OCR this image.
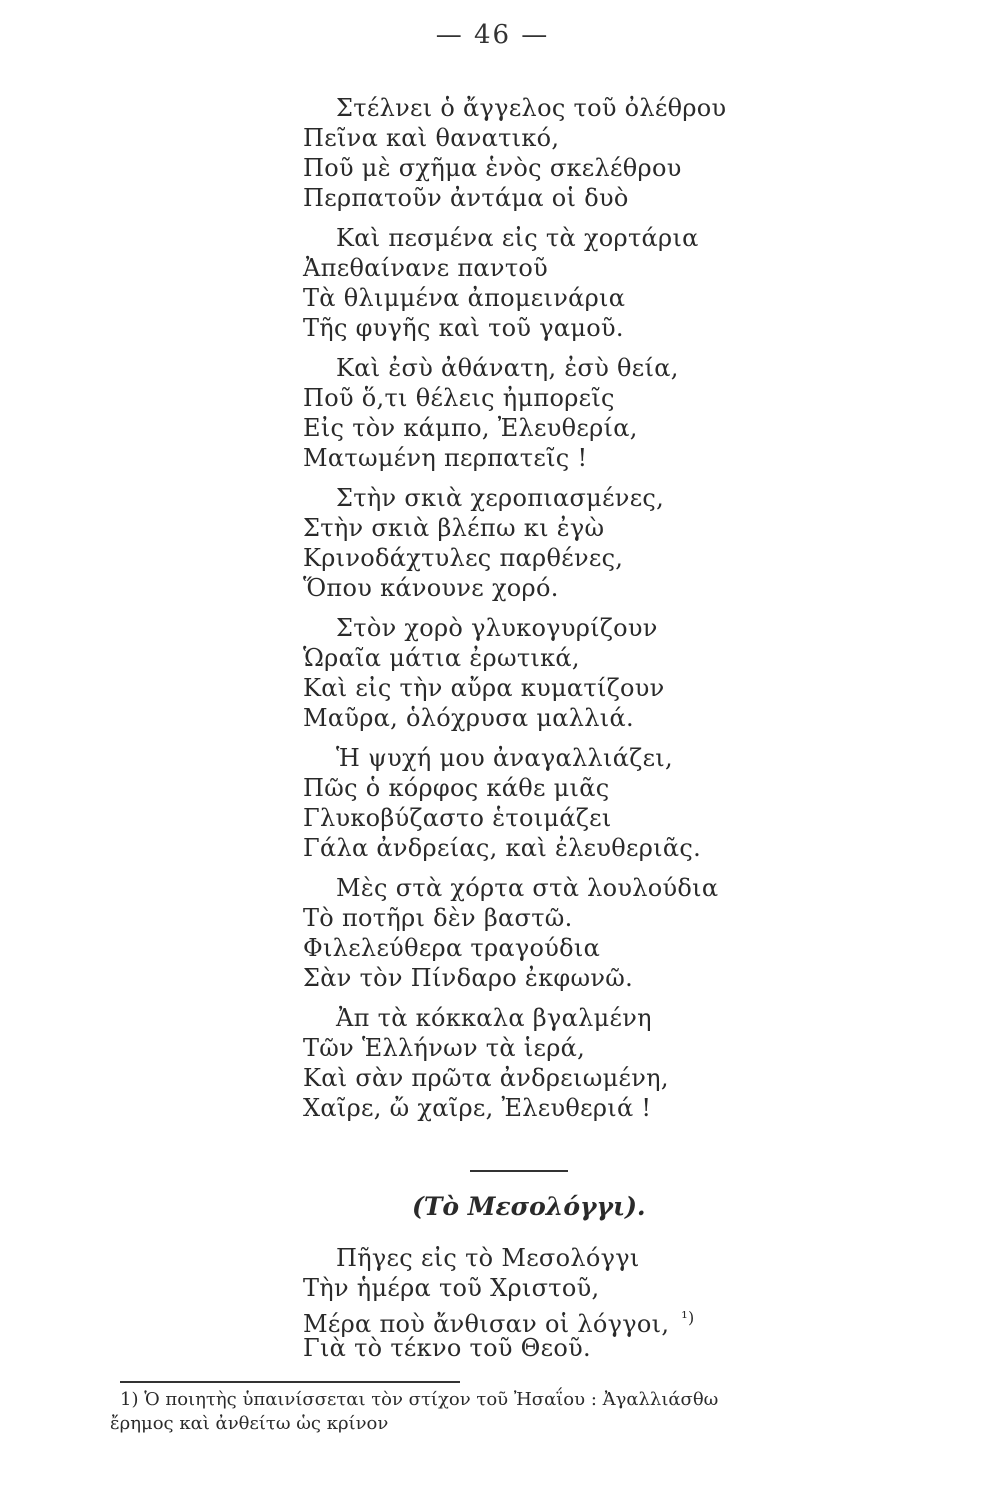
— 46 —
Στέλνει ὁ ἄγγελος τοῦ ὀλέθρου
Πεῖνα καὶ θανατικό,
Ποῦ μὲ σχῆμα ἑνὸς σκελέθρου
Περπατοῦν ἀντάμα οἱ δυὸ
Καὶ πεσμένα εἰς τὰ χορτάρια
Ἀπεθαίνανε παντοῦ
Τὰ θλιμμένα ἀπομεινάρια
Τῆς φυγῆς καὶ τοῦ γαμοῦ.
Καὶ ἐσὺ ἀθάνατη, ἐσὺ θεία,
Ποῦ ὅ,τι θέλεις ἠμπορεῖς
Εἰς τὸν κάμπο, Ἐλευθερία,
Ματωμένη περπατεῖς !
Στὴν σκιὰ χεροπιασμένες,
Στὴν σκιὰ βλέπω κι ἐγὼ
Κρινοδάχτυλες παρθένες,
Ὅπου κάνουνε χορό.
Στὸν χορὸ γλυκογυρίζουν
Ὡραῖα μάτια ἐρωτικά,
Καὶ εἰς τὴν αὔρα κυματίζουν
Μαῦρα, ὁλόχρυσα μαλλιά.
Ἡ ψυχή μου ἀναγαλλιάζει,
Πῶς ὁ κόρφος κάθε μιᾶς
Γλυκοβύζαστο ἑτοιμάζει
Γάλα ἀνδρείας, καὶ ἐλευθεριᾶς.
Μὲς στὰ χόρτα στὰ λουλούδια
Τὸ ποτῆρι δὲν βαστῶ.
Φιλελεύθερα τραγούδια
Σὰν τὸν Πίνδαρο ἐκφωνῶ.
Ἀπ τὰ κόκκαλα βγαλμένη
Τῶν Ἑλλήνων τὰ ἱερά,
Καὶ σὰν πρῶτα ἀνδρειωμένη,
Χαῖρε, ὤ χαῖρε, Ἐλευθεριά !
(Τὸ Μεσολόγγι).
Πῆγες εἰς τὸ Μεσολόγγι
Τὴν ἡμέρα τοῦ Χριστοῦ,
Μέρα ποὺ ἄνθισαν οἱ λόγγοι, $^{^1)}$
Γιὰ τὸ τέκνο τοῦ Θεοῦ.
1) Ὁ ποιητὴς ὑπαινίσσεται τὸν στίχον τοῦ Ἠσαΐου : Ἀγαλλιάσθω
ἔρημος καὶ ἀνθείτω ὡς κρίνον
